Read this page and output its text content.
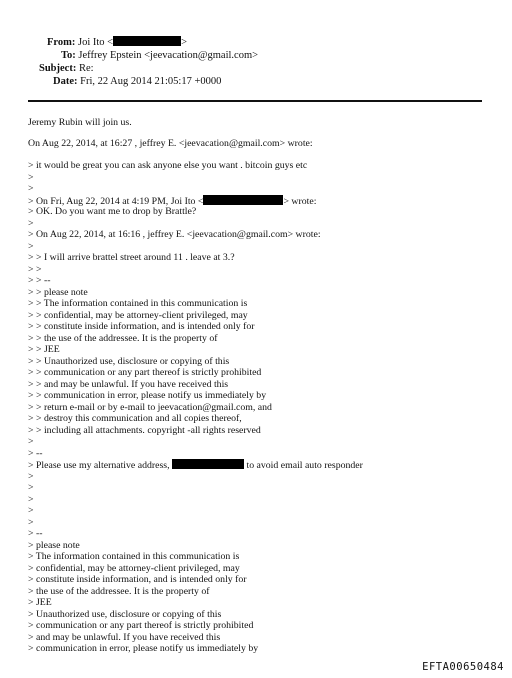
From: Joi Ito <	>
To: Jeffrey Epstein <jeevacation@gmail.com>
Subject: Re:
Date: Fri, 22 Aug 2014 21:05:17 +0000
Jeremy Rubin will join us.
On Aug 22, 2014, at 16:27 , jeffrey E. <jeevacation@gmail.com> wrote:
> it would be great you can ask anyone else you want . bitcoin guys etc
>
>
> On Fri, Aug 22, 2014 at 4:19 PM, Joi Ito <	> wrote:
> OK. Do you want me to drop by Brattle?
>
> On Aug 22, 2014, at 16:16 , jeffrey E. <jeevacation@gmail.com> wrote:
>
> > I will arrive brattel street around 11 . leave at 3.?
> >
> > --
> > please note
> > The information contained in this communication is
> > confidential, may be attorney-client privileged, may
> > constitute inside information, and is intended only for
> > the use of the addressee. It is the property of
> > JEE
> > Unauthorized use, disclosure or copying of this
> > communication or any part thereof is strictly prohibited
> > and may be unlawful. If you have received this
> > communication in error, please notify us immediately by
> > return e-mail or by e-mail to jeevacation@gmail.com, and
> > destroy this communication and all copies thereof,
> > including all attachments. copyright -all rights reserved
>
> --
> Please use my alternative address,	to avoid email auto responder
>
>
>
>
>
> --
> please note
> The information contained in this communication is
> confidential, may be attorney-client privileged, may
> constitute inside information, and is intended only for
> the use of the addressee. It is the property of
> JEE
> Unauthorized use, disclosure or copying of this
> communication or any part thereof is strictly prohibited
> and may be unlawful. If you have received this
> communication in error, please notify us immediately by
EFTA00650484
